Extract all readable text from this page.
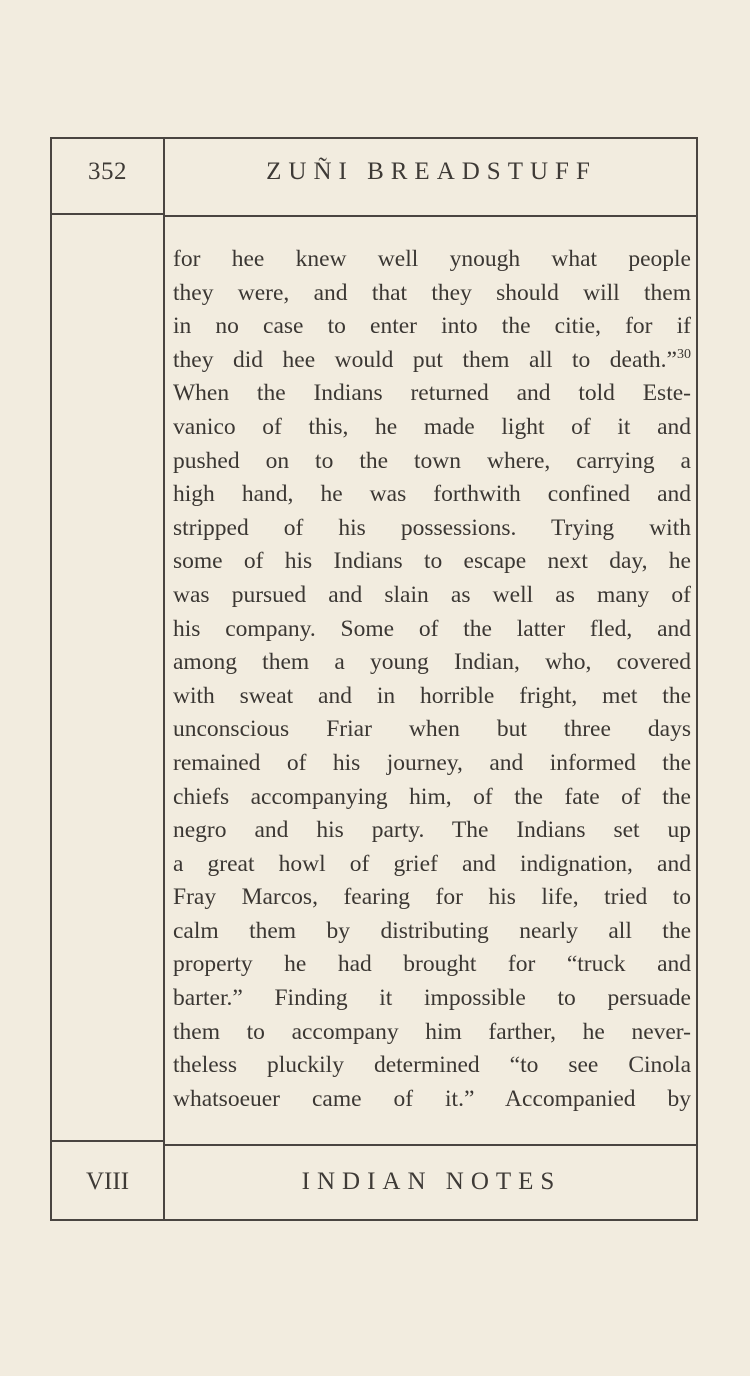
352	ZUÑI BREADSTUFF
for hee knew well ynough what people
they were, and that they should will them
in no case to enter into the citie, for if
they did hee would put them all to death.”$^{30}$
When the Indians returned and told Este-
vanico of this, he made light of it and
pushed on to the town where, carrying a
high hand, he was forthwith confined and
stripped of his possessions. Trying with
some of his Indians to escape next day, he
was pursued and slain as well as many of
his company. Some of the latter fled, and
among them a young Indian, who, covered
with sweat and in horrible fright, met the
unconscious Friar when but three days
remained of his journey, and informed the
chiefs accompanying him, of the fate of the
negro and his party. The Indians set up
a great howl of grief and indignation, and
Fray Marcos, fearing for his life, tried to
calm them by distributing nearly all the
property he had brought for “truck and
barter.” Finding it impossible to persuade
them to accompany him farther, he never-
theless pluckily determined “to see Cinola
whatsoeuer came of it.” Accompanied by
VIII	INDIAN NOTES
